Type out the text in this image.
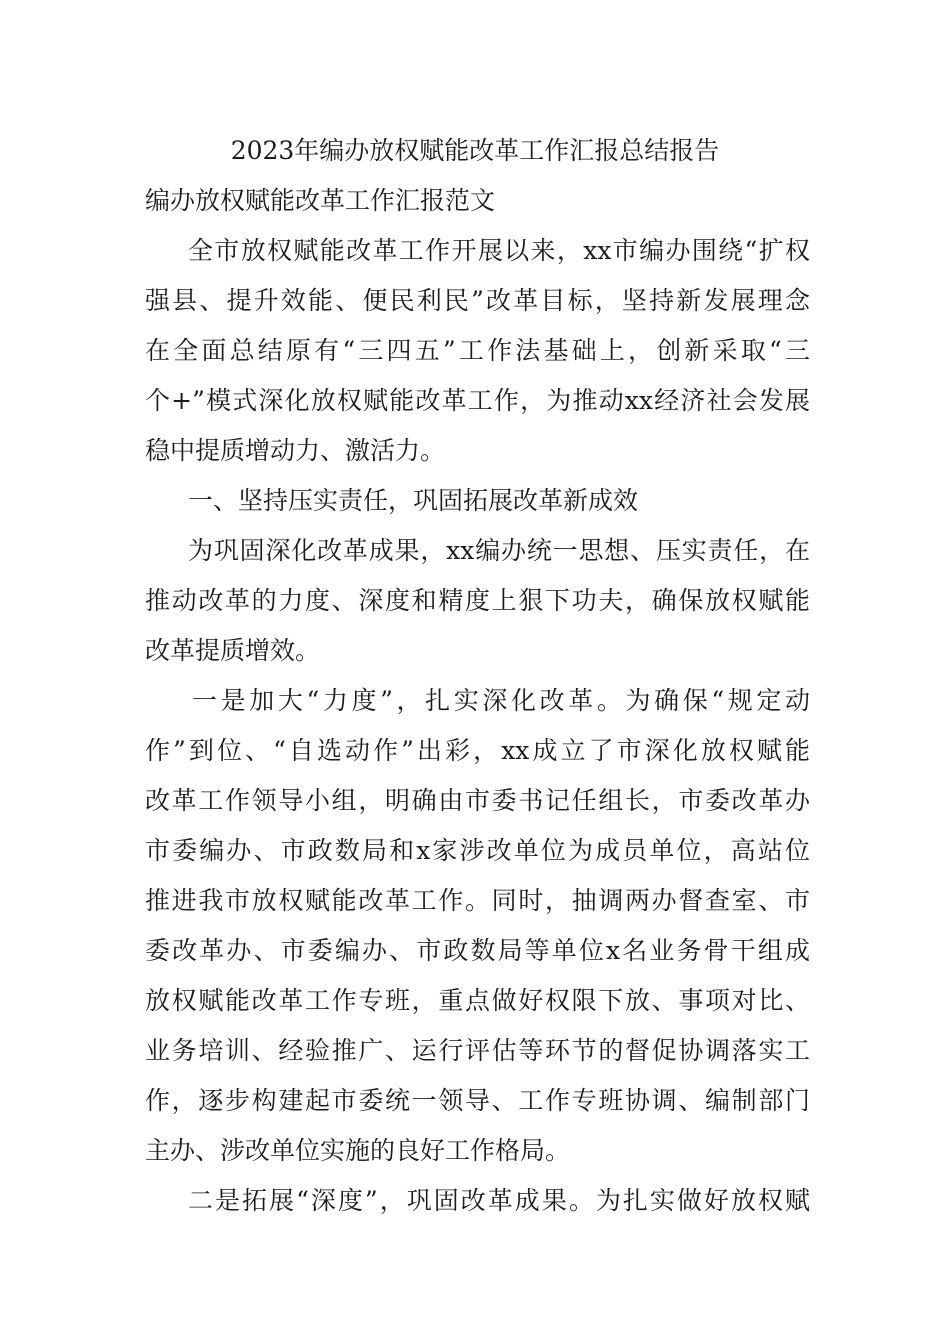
2023年编办放权赋能改革工作汇报总结报告
编办放权赋能改革工作汇报范文
全市放权赋能改革工作开展以来，xx市编办围绕“扩权
强县、提升效能、便民利民”改革目标，坚持新发展理念
在全面总结原有“三四五”工作法基础上，创新采取“三
个+”模式深化放权赋能改革工作，为推动xx经济社会发展
稳中提质增动力、激活力。
一、坚持压实责任，巩固拓展改革新成效
为巩固深化改革成果，xx编办统一思想、压实责任，在
推动改革的力度、深度和精度上狠下功夫，确保放权赋能
改革提质增效。
一是加大“力度”，扎实深化改革。为确保“规定动
作”到位、“自选动作”出彩，xx成立了市深化放权赋能
改革工作领导小组，明确由市委书记任组长，市委改革办
市委编办、市政数局和x家涉改单位为成员单位，高站位
推进我市放权赋能改革工作。同时，抽调两办督查室、市
委改革办、市委编办、市政数局等单位x名业务骨干组成
放权赋能改革工作专班，重点做好权限下放、事项对比、
业务培训、经验推广、运行评估等环节的督促协调落实工
作，逐步构建起市委统一领导、工作专班协调、编制部门
主办、涉改单位实施的良好工作格局。
二是拓展“深度”，巩固改革成果。为扎实做好放权赋
